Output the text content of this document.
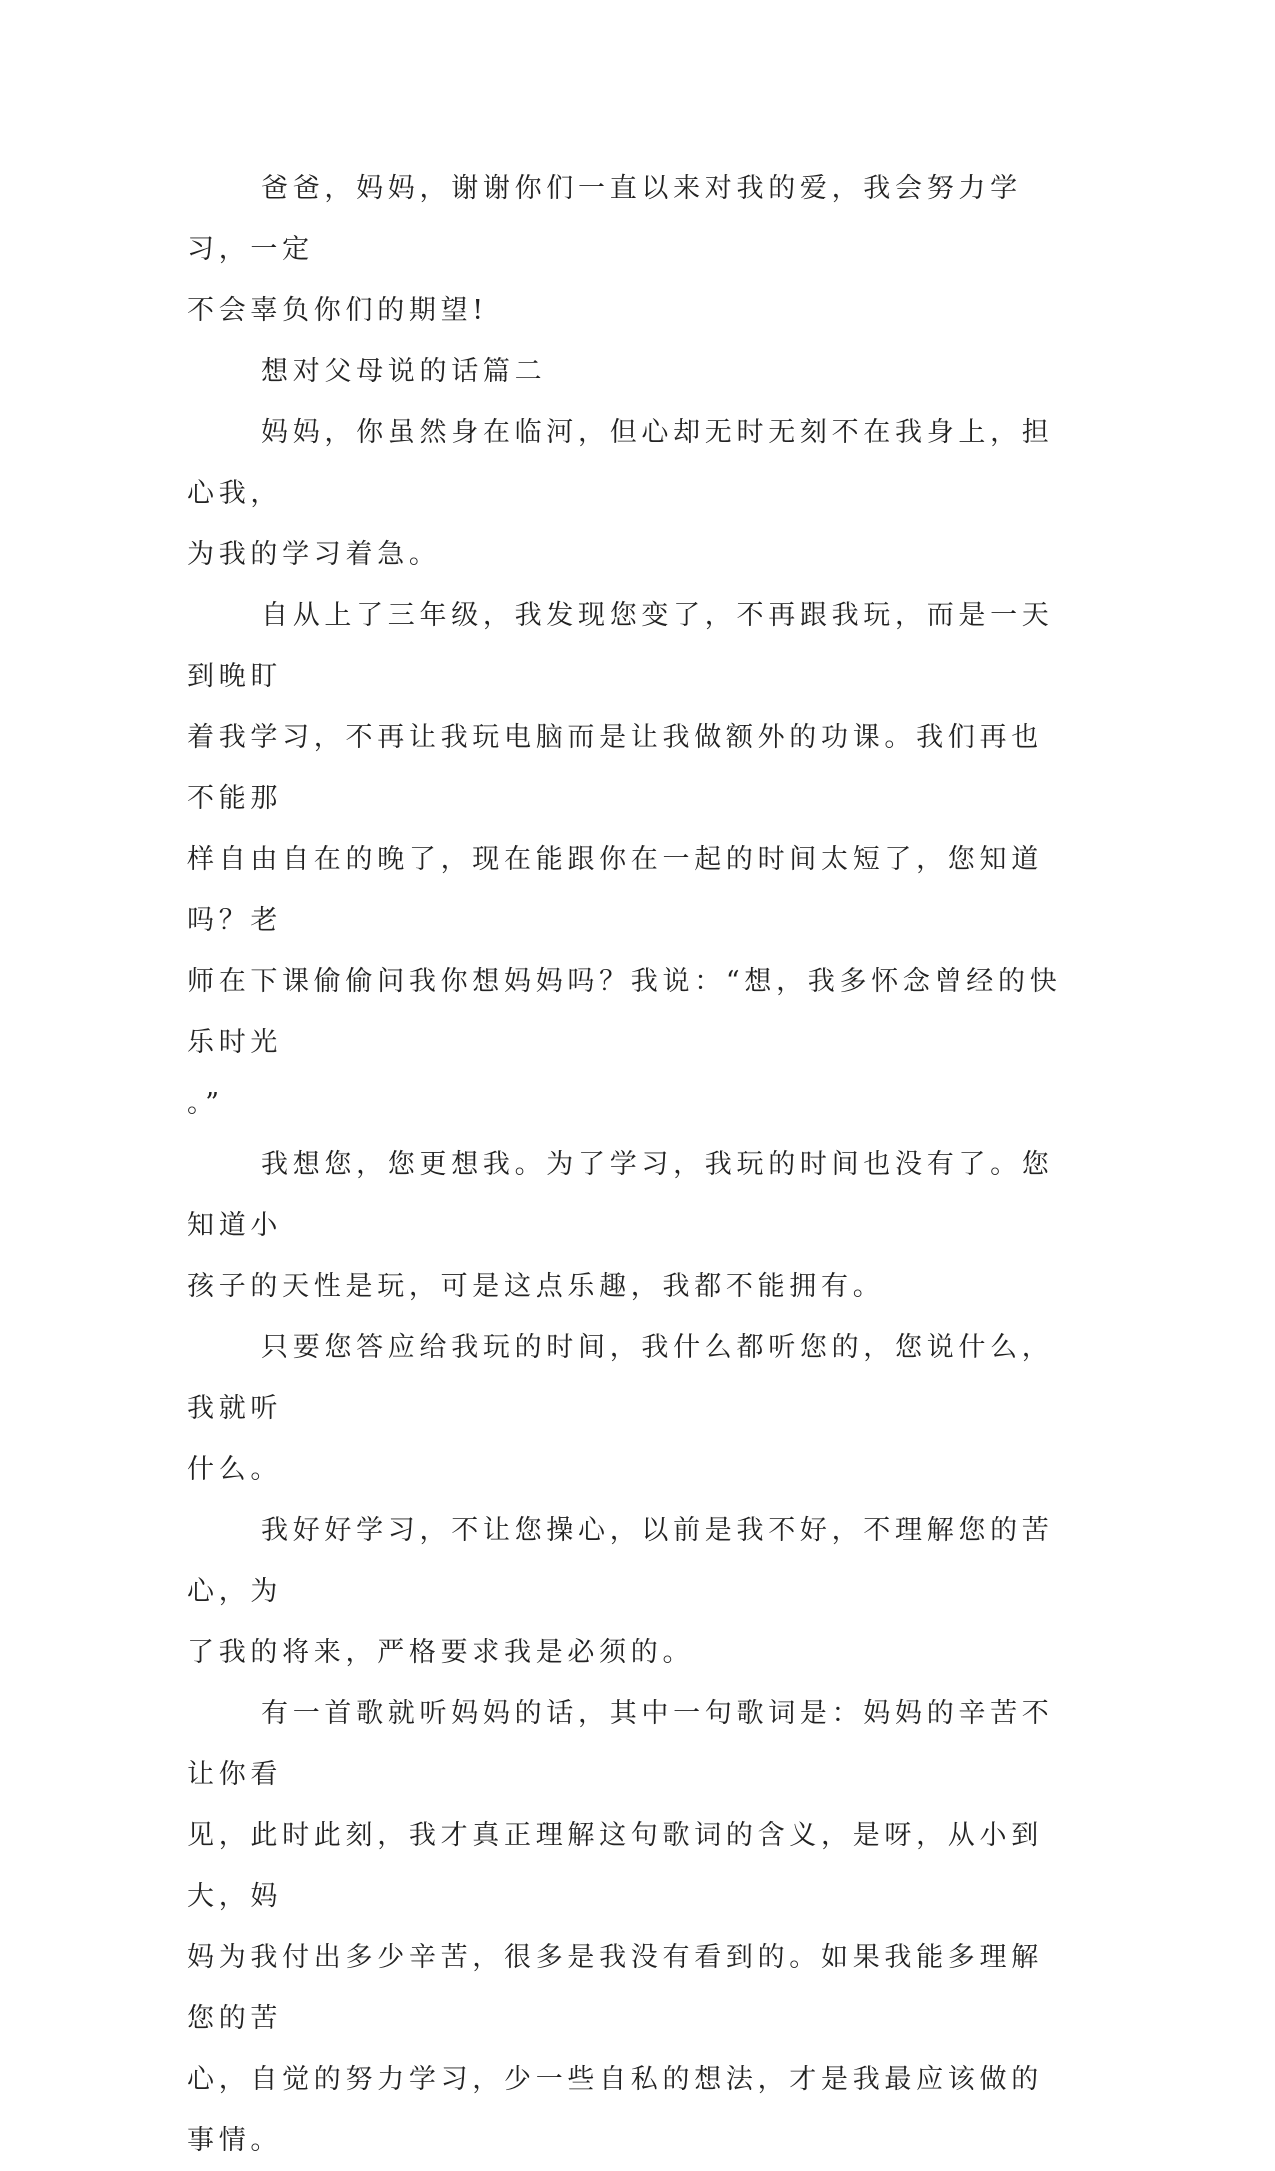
爸爸，妈妈，谢谢你们一直以来对我的爱，我会努力学习，一定
不会辜负你们的期望!

想对父母说的话篇二

妈妈，你虽然身在临河，但心却无时无刻不在我身上，担心我，
为我的学习着急。

自从上了三年级，我发现您变了，不再跟我玩，而是一天到晚盯
着我学习，不再让我玩电脑而是让我做额外的功课。我们再也不能那
样自由自在的晚了，现在能跟你在一起的时间太短了，您知道吗？老
师在下课偷偷问我你想妈妈吗？我说：“想，我多怀念曾经的快乐时光
。”

我想您，您更想我。为了学习，我玩的时间也没有了。您知道小
孩子的天性是玩，可是这点乐趣，我都不能拥有。

只要您答应给我玩的时间，我什么都听您的，您说什么，我就听
什么。

我好好学习，不让您操心，以前是我不好，不理解您的苦心，为
了我的将来，严格要求我是必须的。

有一首歌就听妈妈的话，其中一句歌词是：妈妈的辛苦不让你看
见，此时此刻，我才真正理解这句歌词的含义，是呀，从小到大，妈
妈为我付出多少辛苦，很多是我没有看到的。如果我能多理解您的苦
心，自觉的努力学习，少一些自私的想法，才是我最应该做的事情。
